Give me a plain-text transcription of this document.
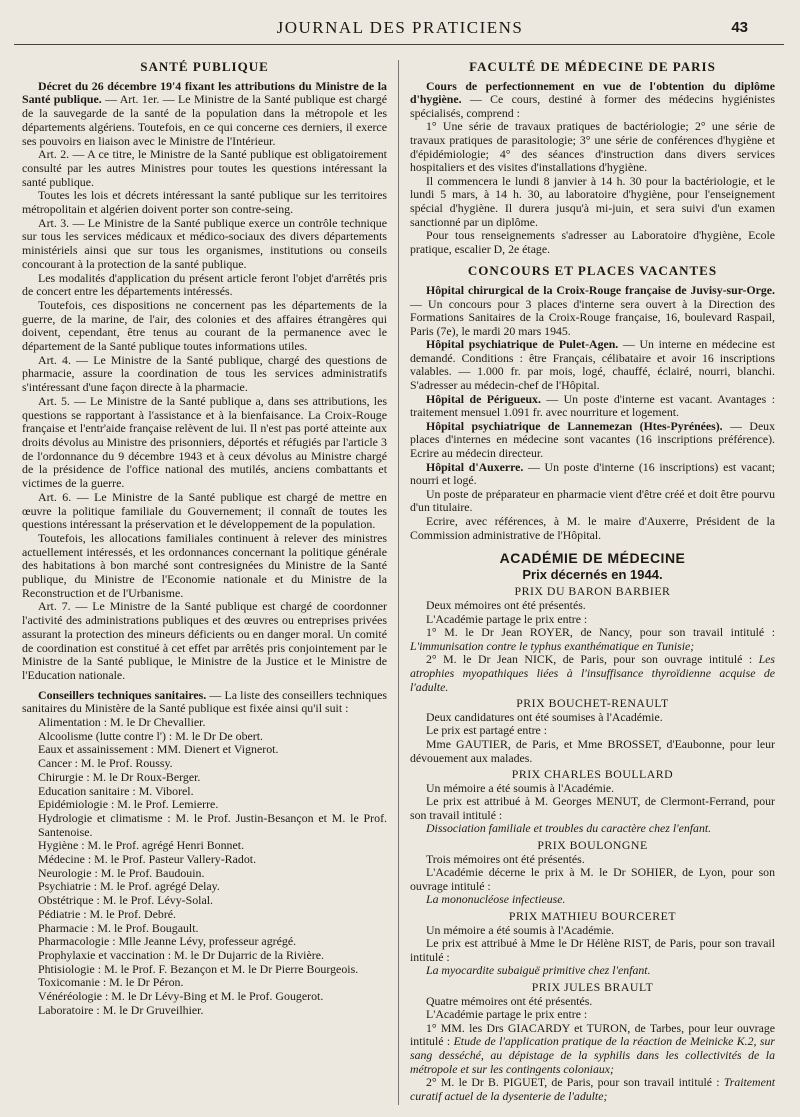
JOURNAL DES PRATICIENS	43
SANTÉ PUBLIQUE

Décret du 26 décembre 19'4 fixant les attributions du Ministre de la Santé publique. — Art. 1er. — Le Ministre de la Santé publique est chargé de la sauvegarde de la santé de la population dans la métropole et les départements algériens. Toutefois, en ce qui concerne ces derniers, il exerce ses pouvoirs en liaison avec le Ministre de l'Intérieur.

Art. 2. — A ce titre, le Ministre de la Santé publique est obligatoirement consulté par les autres Ministres pour toutes les questions intéressant la santé publique.

Toutes les lois et décrets intéressant la santé publique sur les territoires métropolitain et algérien doivent porter son contre-seing.

Art. 3. — Le Ministre de la Santé publique exerce un contrôle technique sur tous les services médicaux et médico-sociaux des divers départements ministériels ainsi que sur tous les organismes, institutions ou conseils concourant à la protection de la santé publique.

Les modalités d'application du présent article feront l'objet d'arrêtés pris de concert entre les départements intéressés.

Toutefois, ces dispositions ne concernent pas les départements de la guerre, de la marine, de l'air, des colonies et des affaires étrangères qui doivent, cependant, être tenus au courant de la permanence avec le département de la Santé publique toutes informations utiles.

Art. 4. — Le Ministre de la Santé publique, chargé des questions de pharmacie, assure la coordination de tous les services administratifs s'intéressant d'une façon directe à la pharmacie.

Art. 5. — Le Ministre de la Santé publique a, dans ses attributions, les questions se rapportant à l'assistance et à la bienfaisance. La Croix-Rouge française et l'entr'aide française relèvent de lui. Il n'est pas porté atteinte aux droits dévolus au Ministre des prisonniers, déportés et réfugiés par l'article 3 de l'ordonnance du 9 décembre 1943 et à ceux dévolus au Ministre chargé de la présidence de l'office national des mutilés, anciens combattants et victimes de la guerre.

Art. 6. — Le Ministre de la Santé publique est chargé de mettre en œuvre la politique familiale du Gouvernement; il connaît de toutes les questions intéressant la préservation et le développement de la population.

Toutefois, les allocations familiales continuent à relever des ministres actuellement intéressés, et les ordonnances concernant la politique générale des habitations à bon marché sont contresignées du Ministre de la Santé publique, du Ministre de l'Economie nationale et du Ministre de la Reconstruction et de l'Urbanisme.

Art. 7. — Le Ministre de la Santé publique est chargé de coordonner l'activité des administrations publiques et des œuvres ou entreprises privées assurant la protection des mineurs déficients ou en danger moral. Un comité de coordination est constitué à cet effet par arrêtés pris conjointement par le Ministre de la Santé publique, le Ministre de la Justice et le Ministre de l'Education nationale.

Conseillers techniques sanitaires. — La liste des conseillers techniques sanitaires du Ministère de la Santé publique est fixée ainsi qu'il suit :

Alimentation : M. le Dr Chevallier.
Alcoolisme (lutte contre l') : M. le Dr De obert.
Eaux et assainissement : MM. Dienert et Vignerot.
Cancer : M. le Prof. Roussy.
Chirurgie : M. le Dr Roux-Berger.
Education sanitaire : M. Viborel.
Epidémiologie : M. le Prof. Lemierre.
Hydrologie et climatisme : M. le Prof. Justin-Besançon et M. le Prof. Santenoise.
Hygiène : M. le Prof. agrégé Henri Bonnet.
Médecine : M. le Prof. Pasteur Vallery-Radot.
Neurologie : M. le Prof. Baudouin.
Psychiatrie : M. le Prof. agrégé Delay.
Obstétrique : M. le Prof. Lévy-Solal.
Pédiatrie : M. le Prof. Debré.
Pharmacie : M. le Prof. Bougault.
Pharmacologie : Mlle Jeanne Lévy, professeur agrégé.
Prophylaxie et vaccination : M. le Dr Dujarric de la Rivière.
Phtisiologie : M. le Prof. F. Bezançon et M. le Dr Pierre Bourgeois.
Toxicomanie : M. le Dr Péron.
Vénéréologie : M. le Dr Lévy-Bing et M. le Prof. Gougerot.
Laboratoire : M. le Dr Gruveilhier.
FACULTÉ DE MÉDECINE DE PARIS

Cours de perfectionnement en vue de l'obtention du diplôme d'hygiène. — Ce cours, destiné à former des médecins hygiénistes spécialisés, comprend :

1° Une série de travaux pratiques de bactériologie; 2° une série de travaux pratiques de parasitologie; 3° une série de conférences d'hygiène et d'épidémiologie; 4° des séances d'instruction dans divers services hospitaliers et des visites d'installations d'hygiène.

Il commencera le lundi 8 janvier à 14 h. 30 pour la bactériologie, et le lundi 5 mars, à 14 h. 30, au laboratoire d'hygiène, pour l'enseignement spécial d'hygiène. Il durera jusqu'à mi-juin, et sera suivi d'un examen sanctionné par un diplôme.

Pour tous renseignements s'adresser au Laboratoire d'hygiène, Ecole pratique, escalier D, 2e étage.

CONCOURS ET PLACES VACANTES

Hôpital chirurgical de la Croix-Rouge française de Juvisy-sur-Orge. — Un concours pour 3 places d'interne sera ouvert à la Direction des Formations Sanitaires de la Croix-Rouge française, 16, boulevard Raspail, Paris (7e), le mardi 20 mars 1945.

Hôpital psychiatrique de Pulet-Agen. — Un interne en médecine est demandé. Conditions : être Français, célibataire et avoir 16 inscriptions valables. — 1.000 fr. par mois, logé, chauffé, éclairé, nourri, blanchi. S'adresser au médecin-chef de l'Hôpital.

Hôpital de Périgueux. — Un poste d'interne est vacant. Avantages : traitement mensuel 1.091 fr. avec nourriture et logement.

Hôpital psychiatrique de Lannemezan (Htes-Pyrénées). — Deux places d'internes en médecine sont vacantes (16 inscriptions préférence). Ecrire au médecin directeur.

Hôpital d'Auxerre. — Un poste d'interne (16 inscriptions) est vacant; nourri et logé.

Un poste de préparateur en pharmacie vient d'être créé et doit être pourvu d'un titulaire.

Ecrire, avec références, à M. le maire d'Auxerre, Président de la Commission administrative de l'Hôpital.

ACADÉMIE DE MÉDECINE
Prix décernés en 1944.
PRIX DU BARON BARBIER

Deux mémoires ont été présentés.

L'Académie partage le prix entre :

1° M. le Dr Jean ROYER, de Nancy, pour son travail intitulé : L'immunisation contre le typhus exanthématique en Tunisie;

2° M. le Dr Jean NICK, de Paris, pour son ouvrage intitulé : Les atrophies myopathiques liées à l'insuffisance thyroïdienne acquise de l'adulte.

PRIX BOUCHET-RENAULT

Deux candidatures ont été soumises à l'Académie.

Le prix est partagé entre :

Mme GAUTIER, de Paris, et Mme BROSSET, d'Eaubonne, pour leur dévouement aux malades.

PRIX CHARLES BOULLARD

Un mémoire a été soumis à l'Académie.

Le prix est attribué à M. Georges MENUT, de Clermont-Ferrand, pour son travail intitulé :

Dissociation familiale et troubles du caractère chez l'enfant.

PRIX BOULONGNE

Trois mémoires ont été présentés.

L'Académie décerne le prix à M. le Dr SOHIER, de Lyon, pour son ouvrage intitulé :

La mononucléose infectieuse.

PRIX MATHIEU BOURCERET

Un mémoire a été soumis à l'Académie.

Le prix est attribué à Mme le Dr Hélène RIST, de Paris, pour son travail intitulé :

La myocardite subaiguë primitive chez l'enfant.

PRIX JULES BRAULT

Quatre mémoires ont été présentés.

L'Académie partage le prix entre :

1° MM. les Drs GIACARDY et TURON, de Tarbes, pour leur ouvrage intitulé : Etude de l'application pratique de la réaction de Meinicke K.2, sur sang desséché, au dépistage de la syphilis dans les collectivités de la métropole et sur les contingents coloniaux;

2° M. le Dr B. PIGUET, de Paris, pour son travail intitulé : Traitement curatif actuel de la dysenterie de l'adulte;
